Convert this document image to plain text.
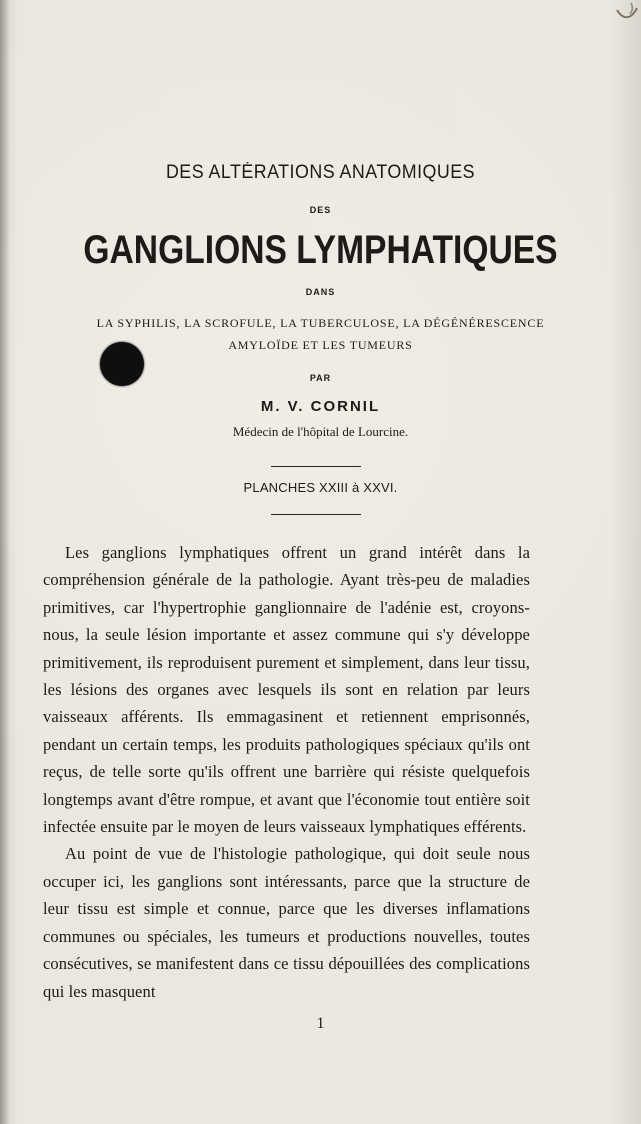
DES ALTÉRATIONS ANATOMIQUES
DES
GANGLIONS LYMPHATIQUES
DANS
LA SYPHILIS, LA SCROFULE, LA TUBERCULOSE, LA DÉGÉNÉRESCENCE
AMYLOÏDE ET LES TUMEURS
PAR
M. V. CORNIL
Médecin de l'hôpital de Lourcine.
PLANCHES XXIII à XXVI.

Les ganglions lymphatiques offrent un grand intérêt dans la compréhension générale de la pathologie. Ayant très-peu de maladies primitives, car l'hypertrophie ganglionnaire de l'adénie est, croyons-nous, la seule lésion importante et assez commune qui s'y développe primitivement, ils reproduisent purement et simplement, dans leur tissu, les lésions des organes avec lesquels ils sont en relation par leurs vaisseaux afférents. Ils emmagasinent et retiennent emprisonnés, pendant un certain temps, les produits pathologiques spéciaux qu'ils ont reçus, de telle sorte qu'ils offrent une barrière qui résiste quelquefois longtemps avant d'être rompue, et avant que l'économie tout entière soit infectée ensuite par le moyen de leurs vaisseaux lymphatiques efférents.

Au point de vue de l'histologie pathologique, qui doit seule nous occuper ici, les ganglions sont intéressants, parce que la structure de leur tissu est simple et connue, parce que les diverses inflamations communes ou spéciales, les tumeurs et productions nouvelles, toutes consécutives, se manifestent dans ce tissu dépouillées des complications qui les masquent

1
